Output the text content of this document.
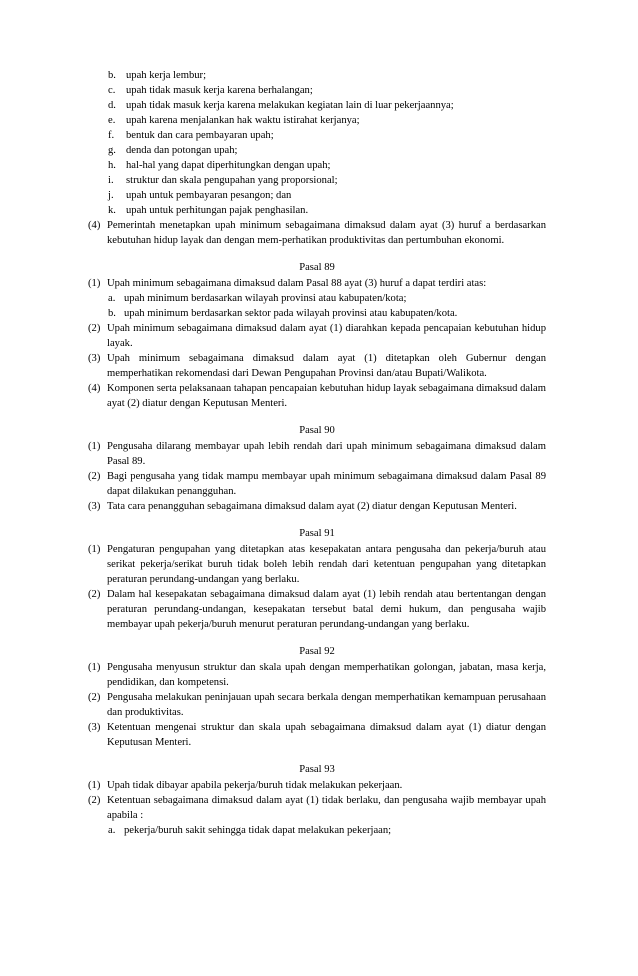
b. upah kerja lembur;
c.	upah tidak masuk kerja karena berhalangan;
d. upah tidak masuk kerja karena melakukan kegiatan lain di luar pekerjaannya;
e.	upah karena menjalankan hak waktu istirahat kerjanya;
f.	bentuk dan cara pembayaran upah;
g. denda dan potongan upah;
h. hal-hal yang dapat diperhitungkan dengan upah;
i.	struktur dan skala pengupahan yang proporsional;
j.	upah untuk pembayaran pesangon; dan
k. upah untuk perhitungan pajak penghasilan.
(4) Pemerintah menetapkan upah minimum sebagaimana dimaksud dalam ayat (3) huruf a berdasarkan kebutuhan hidup layak dan dengan mem-perhatikan produktivitas dan pertumbuhan ekonomi.
Pasal 89
(1) Upah minimum sebagaimana dimaksud dalam Pasal 88 ayat (3) huruf a dapat terdiri atas:
a. upah minimum berdasarkan wilayah provinsi atau kabupaten/kota;
b. upah minimum berdasarkan sektor pada wilayah provinsi atau kabupaten/kota.
(2) Upah minimum sebagaimana dimaksud dalam ayat (1) diarahkan kepada pencapaian kebutuhan hidup layak.
(3) Upah minimum sebagaimana dimaksud dalam ayat (1) ditetapkan oleh Gubernur dengan memperhatikan rekomendasi dari Dewan Pengupahan Provinsi dan/atau Bupati/Walikota.
(4) Komponen serta pelaksanaan tahapan pencapaian kebutuhan hidup layak sebagaimana dimaksud dalam ayat (2) diatur dengan Keputusan Menteri.
Pasal 90
(1) Pengusaha dilarang membayar upah lebih rendah dari upah minimum sebagaimana dimaksud dalam Pasal 89.
(2) Bagi pengusaha yang tidak mampu membayar upah minimum sebagaimana dimaksud dalam Pasal 89 dapat dilakukan penangguhan.
(3) Tata cara penangguhan sebagaimana dimaksud dalam ayat (2) diatur dengan Keputusan Menteri.
Pasal 91
(1) Pengaturan pengupahan yang ditetapkan atas kesepakatan antara pengusaha dan pekerja/buruh atau serikat pekerja/serikat buruh tidak boleh lebih rendah dari ketentuan pengupahan yang ditetapkan peraturan perundang-undangan yang berlaku.
(2) Dalam hal kesepakatan sebagaimana dimaksud dalam ayat (1) lebih rendah atau bertentangan dengan peraturan perundang-undangan, kesepakatan tersebut batal demi hukum, dan pengusaha wajib membayar upah pekerja/buruh menurut peraturan perundang-undangan yang berlaku.
Pasal 92
(1) Pengusaha menyusun struktur dan skala upah dengan memperhatikan golongan, jabatan, masa kerja, pendidikan, dan kompetensi.
(2) Pengusaha melakukan peninjauan upah secara berkala dengan memperhatikan kemampuan perusahaan dan produktivitas.
(3) Ketentuan mengenai struktur dan skala upah sebagaimana dimaksud dalam ayat (1) diatur dengan Keputusan Menteri.
Pasal 93
(1) Upah tidak dibayar apabila pekerja/buruh tidak melakukan pekerjaan.
(2) Ketentuan sebagaimana dimaksud dalam ayat (1) tidak berlaku, dan pengusaha wajib membayar upah apabila :
a. pekerja/buruh sakit sehingga tidak dapat melakukan pekerjaan;
